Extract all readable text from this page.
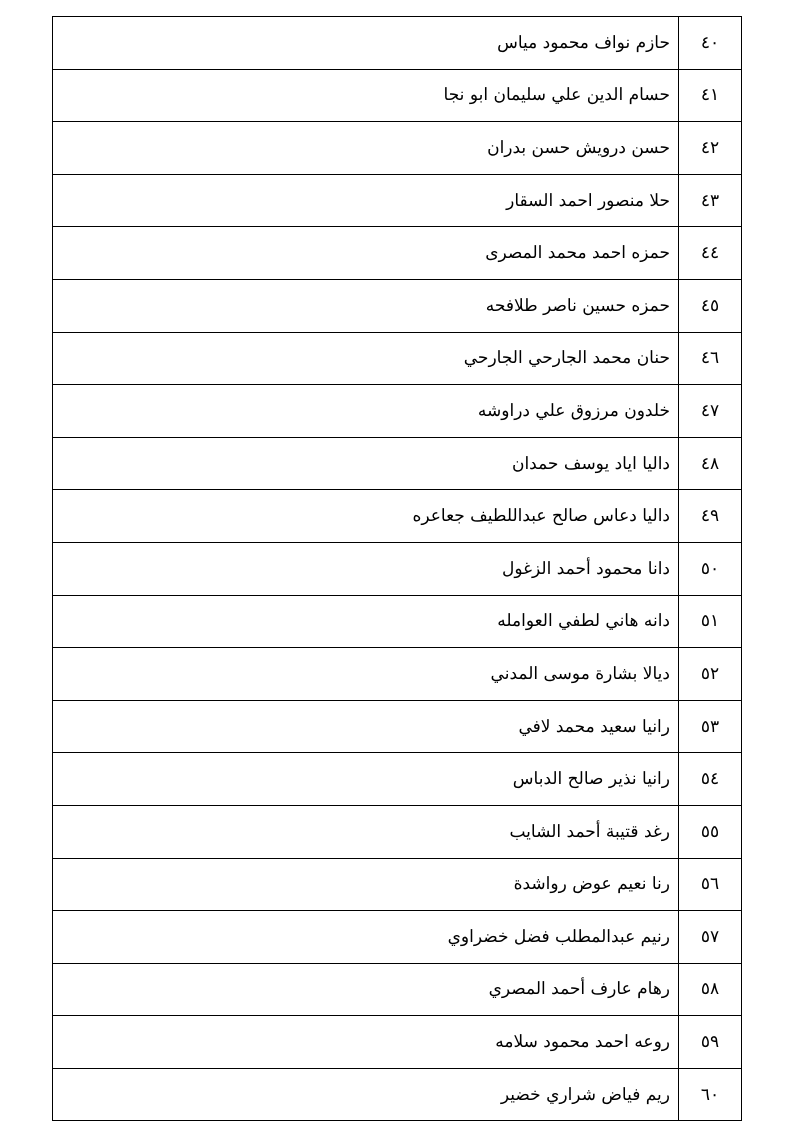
٤٠	حازم نواف محمود مياس
٤١	حسام الدين علي سليمان ابو نجا
٤٢	حسن درويش حسن بدران
٤٣	حلا منصور احمد السقار
٤٤	حمزه احمد محمد المصرى
٤٥	حمزه حسين ناصر طلافحه
٤٦	حنان محمد الجارحي الجارحي
٤٧	خلدون مرزوق علي دراوشه
٤٨	داليا اياد يوسف حمدان
٤٩	داليا دعاس صالح عبداللطيف جعاعره
٥٠	دانا محمود أحمد الزغول
٥١	دانه هاني لطفي العوامله
٥٢	ديالا بشارة موسى المدني
٥٣	رانيا سعيد محمد لافي
٥٤	رانيا نذير صالح الدباس
٥٥	رغد قتيبة أحمد الشايب
٥٦	رنا نعيم عوض رواشدة
٥٧	رنيم عبدالمطلب فضل خضراوي
٥٨	رهام عارف أحمد المصري
٥٩	روعه احمد محمود سلامه
٦٠	ريم فياض شراري خضير
